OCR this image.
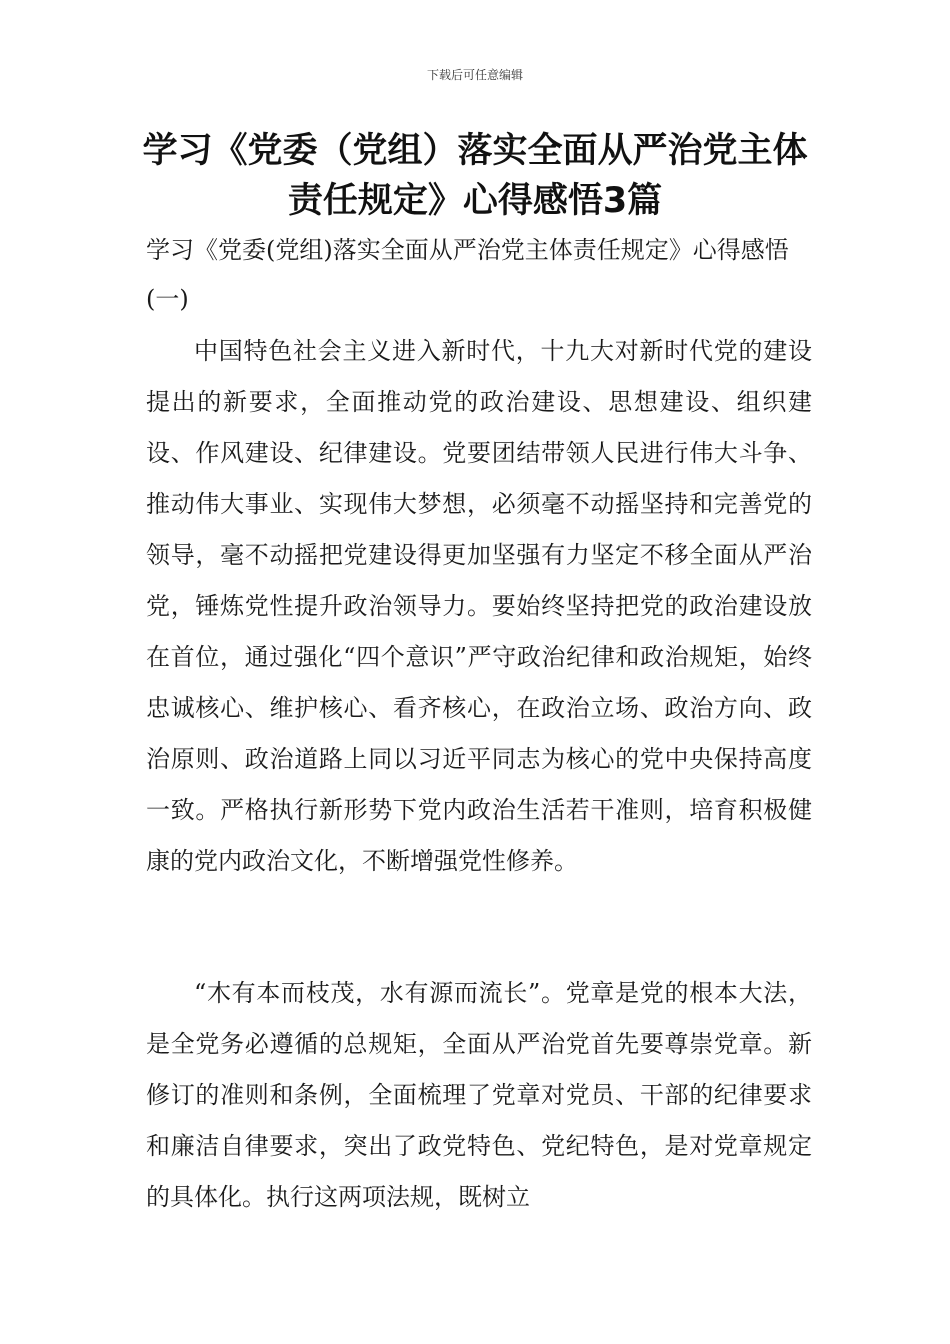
下载后可任意编辑
学习《党委（党组）落实全面从严治党主体责任规定》心得感悟3篇

学习《党委(党组)落实全面从严治党主体责任规定》心得感悟(一)

中国特色社会主义进入新时代，十九大对新时代党的建设提出的新要求，全面推动党的政治建设、思想建设、组织建设、作风建设、纪律建设。党要团结带领人民进行伟大斗争、推动伟大事业、实现伟大梦想，必须毫不动摇坚持和完善党的领导，毫不动摇把党建设得更加坚强有力坚定不移全面从严治党，锤炼党性提升政治领导力。要始终坚持把党的政治建设放在首位，通过强化“四个意识”严守政治纪律和政治规矩，始终忠诚核心、维护核心、看齐核心，在政治立场、政治方向、政治原则、政治道路上同以习近平同志为核心的党中央保持高度一致。严格执行新形势下党内政治生活若干准则，培育积极健康的党内政治文化，不断增强党性修养。

“木有本而枝茂，水有源而流长”。党章是党的根本大法，是全党务必遵循的总规矩，全面从严治党首先要尊崇党章。新修订的准则和条例，全面梳理了党章对党员、干部的纪律要求和廉洁自律要求，突出了政党特色、党纪特色，是对党章规定的具体化。执行这两项法规，既树立
